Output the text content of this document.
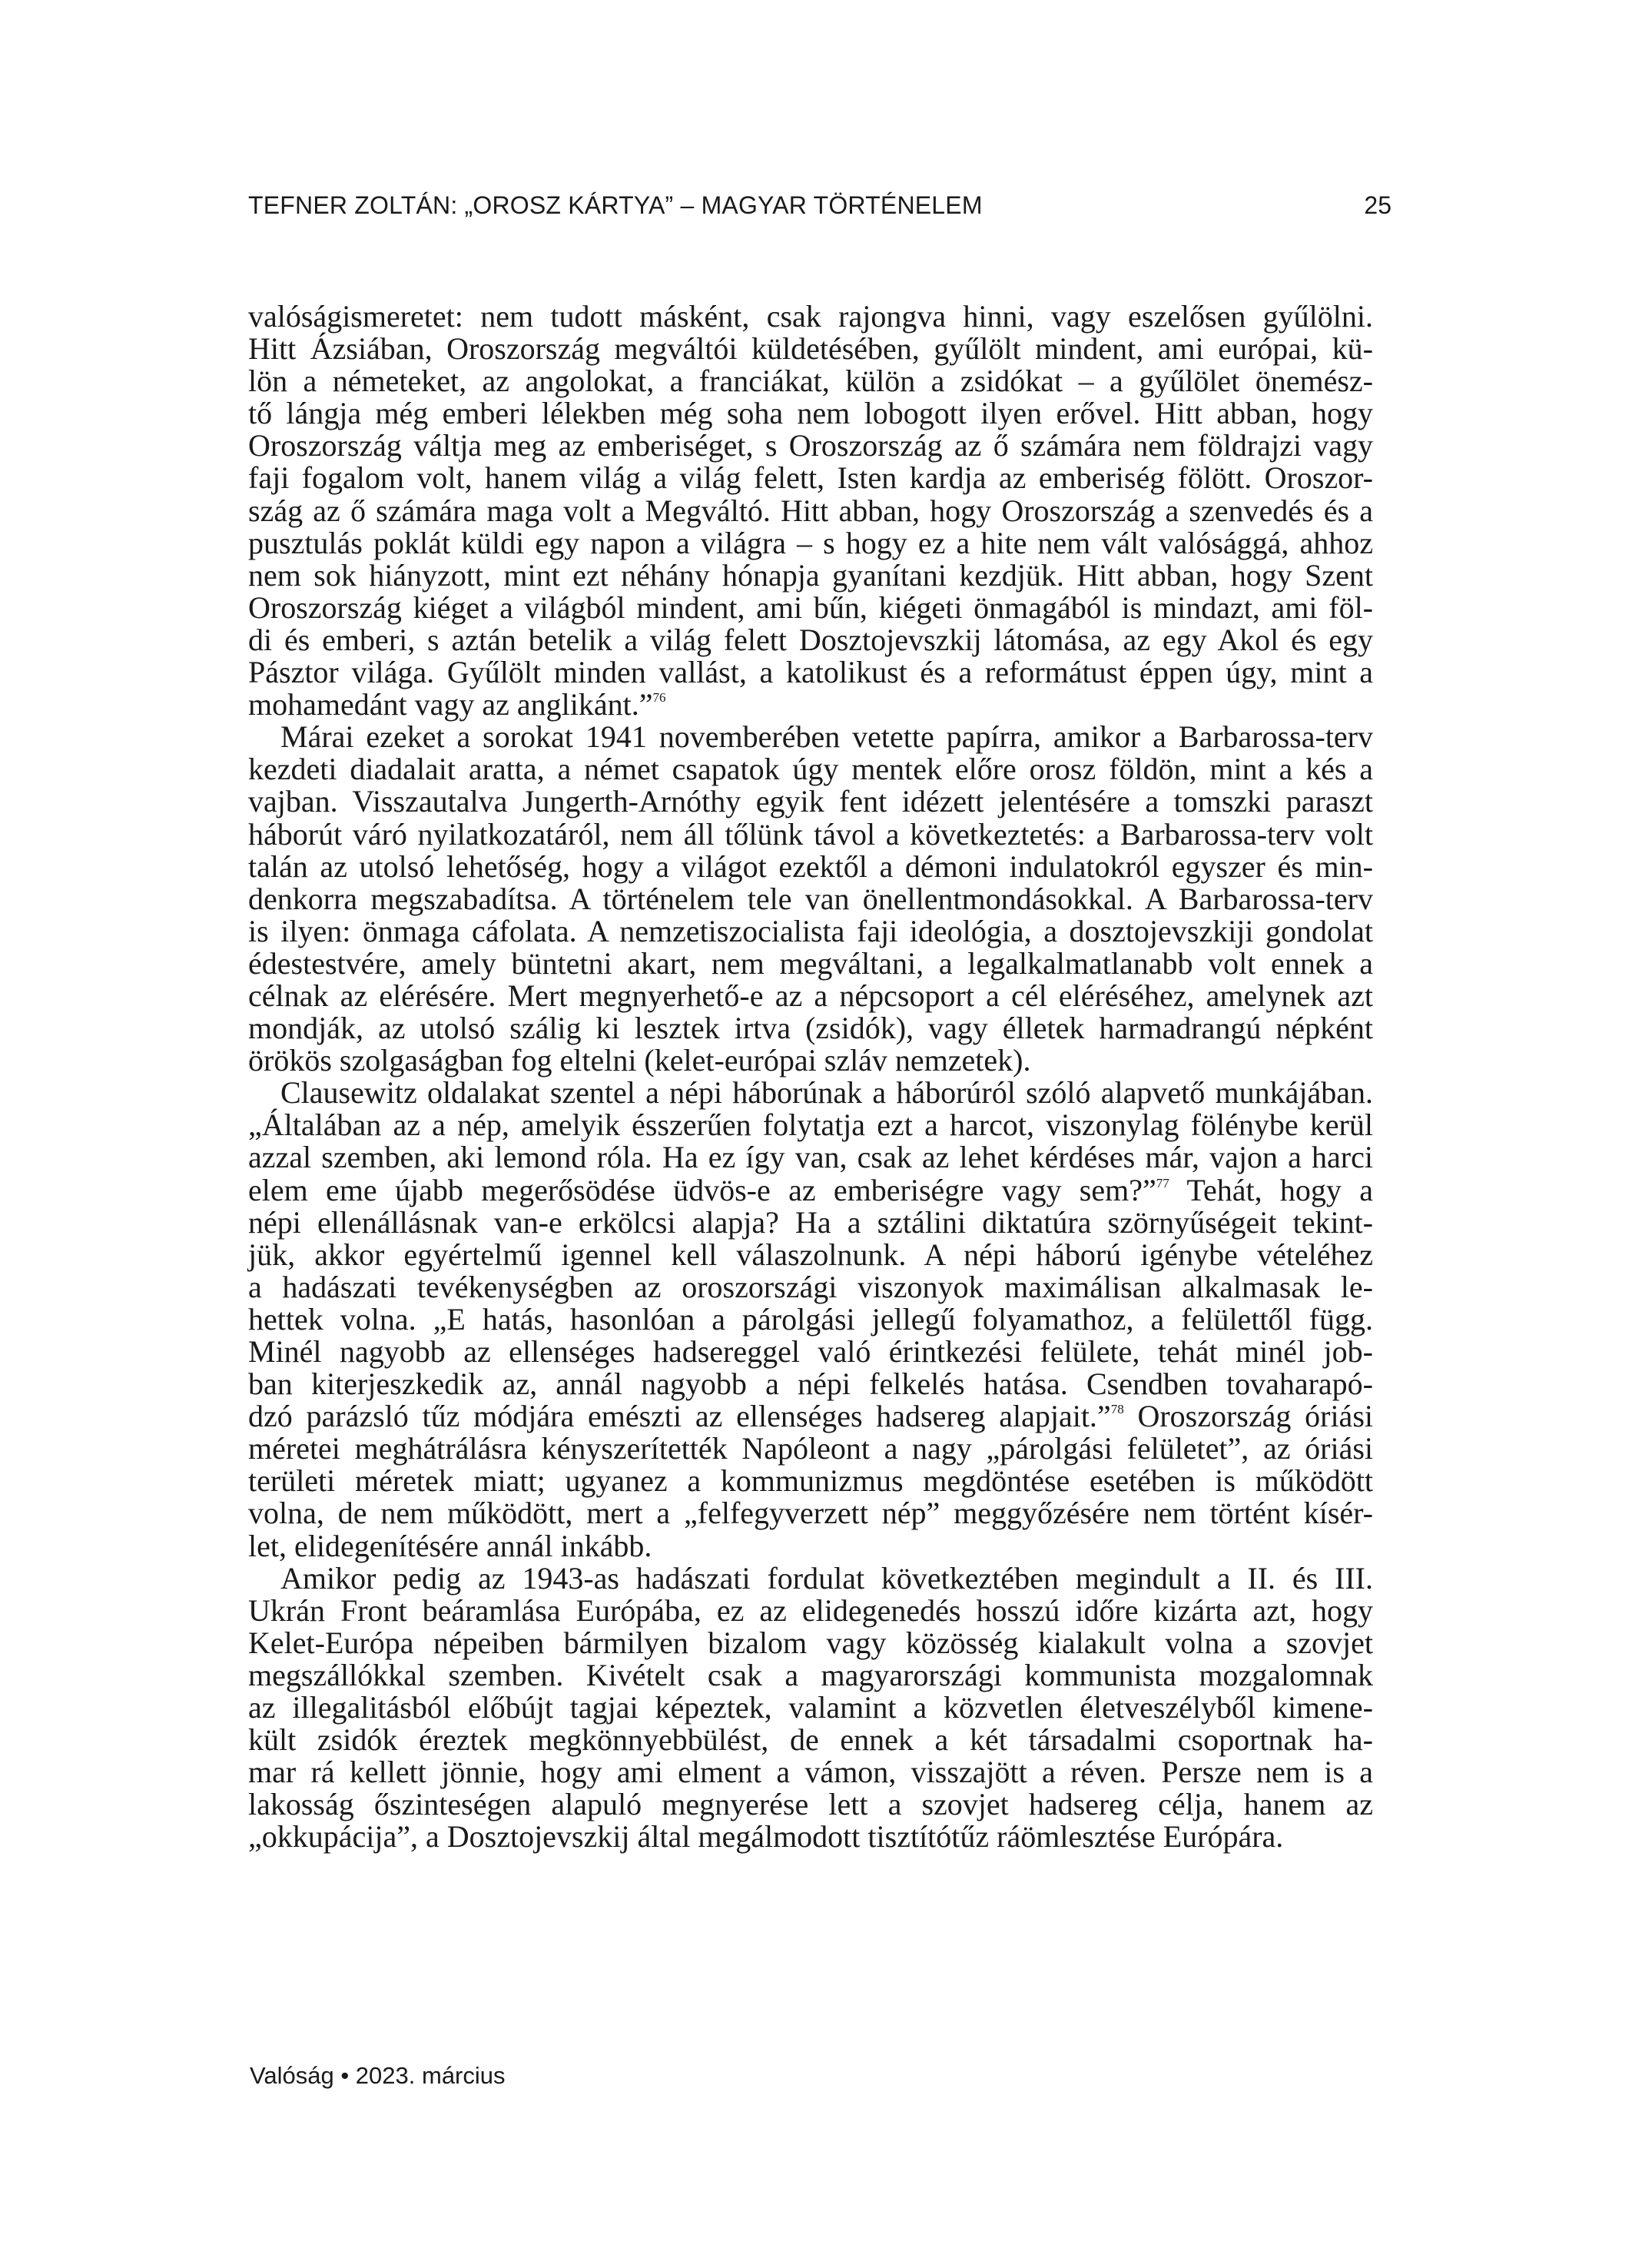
TEFNER ZOLTÁN: „OROSZ KÁRTYA” – MAGYAR TÖRTÉNELEM	25
valóságismeretet: nem tudott másként, csak rajongva hinni, vagy eszelősen gyűlölni.
Hitt Ázsiában, Oroszország megváltói küldetésében, gyűlölt mindent, ami európai, kü-
lön a németeket, az angolokat, a franciákat, külön a zsidókat – a gyűlölet önemész-
tő lángja még emberi lélekben még soha nem lobogott ilyen erővel. Hitt abban, hogy
Oroszország váltja meg az emberiséget, s Oroszország az ő számára nem földrajzi vagy
faji fogalom volt, hanem világ a világ felett, Isten kardja az emberiség fölött. Oroszor-
szág az ő számára maga volt a Megváltó. Hitt abban, hogy Oroszország a szenvedés és a
pusztulás poklát küldi egy napon a világra – s hogy ez a hite nem vált valósággá, ahhoz
nem sok hiányzott, mint ezt néhány hónapja gyanítani kezdjük. Hitt abban, hogy Szent
Oroszország kiéget a világból mindent, ami bűn, kiégeti önmagából is mindazt, ami föl-
di és emberi, s aztán betelik a világ felett Dosztojevszkij látomása, az egy Akol és egy
Pásztor világa. Gyűlölt minden vallást, a katolikust és a reformátust éppen úgy, mint a
mohamedánt vagy az anglikánt.”$^{76}$
Márai ezeket a sorokat 1941 novemberében vetette papírra, amikor a Barbarossa-terv
kezdeti diadalait aratta, a német csapatok úgy mentek előre orosz földön, mint a kés a
vajban. Visszautalva Jungerth-Arnóthy egyik fent idézett jelentésére a tomszki paraszt
háborút váró nyilatkozatáról, nem áll tőlünk távol a következtetés: a Barbarossa-terv volt
talán az utolsó lehetőség, hogy a világot ezektől a démoni indulatokról egyszer és min-
denkorra megszabadítsa. A történelem tele van önellentmondásokkal. A Barbarossa-terv
is ilyen: önmaga cáfolata. A nemzetiszocialista faji ideológia, a dosztojevszkiji gondolat
édestestvére, amely büntetni akart, nem megváltani, a legalkalmatlanabb volt ennek a
célnak az elérésére. Mert megnyerhető-e az a népcsoport a cél eléréséhez, amelynek azt
mondják, az utolsó szálig ki lesztek irtva (zsidók), vagy élletek harmadrangú népként
örökös szolgaságban fog eltelni (kelet-európai szláv nemzetek).
Clausewitz oldalakat szentel a népi háborúnak a háborúról szóló alapvető munkájában.
„Általában az a nép, amelyik ésszerűen folytatja ezt a harcot, viszonylag fölénybe kerül
azzal szemben, aki lemond róla. Ha ez így van, csak az lehet kérdéses már, vajon a harci
elem eme újabb megerősödése üdvös-e az emberiségre vagy sem?”$^{77}$ Tehát, hogy a
népi ellenállásnak van-e erkölcsi alapja? Ha a sztálini diktatúra szörnyűségeit tekint-
jük, akkor egyértelmű igennel kell válaszolnunk. A népi háború igénybe vételéhez
a hadászati tevékenységben az oroszországi viszonyok maximálisan alkalmasak le-
hettek volna. „E hatás, hasonlóan a párolgási jellegű folyamathoz, a felülettől függ.
Minél nagyobb az ellenséges hadsereggel való érintkezési felülete, tehát minél job-
ban kiterjeszkedik az, annál nagyobb a népi felkelés hatása. Csendben tovaharapó-
dzó parázsló tűz módjára emészti az ellenséges hadsereg alapjait.”$^{78}$ Oroszország óriási
méretei meghátrálásra kényszerítették Napóleont a nagy „párolgási felületet”, az óriási
területi méretek miatt; ugyanez a kommunizmus megdöntése esetében is működött
volna, de nem működött, mert a „felfegyverzett nép” meggyőzésére nem történt kísér-
let, elidegenítésére annál inkább.
Amikor pedig az 1943-as hadászati fordulat következtében megindult a II. és III.
Ukrán Front beáramlása Európába, ez az elidegenedés hosszú időre kizárta azt, hogy
Kelet-Európa népeiben bármilyen bizalom vagy közösség kialakult volna a szovjet
megszállókkal szemben. Kivételt csak a magyarországi kommunista mozgalomnak
az illegalitásból előbújt tagjai képeztek, valamint a közvetlen életveszélyből kimene-
kült zsidók éreztek megkönnyebbülést, de ennek a két társadalmi csoportnak ha-
mar rá kellett jönnie, hogy ami elment a vámon, visszajött a réven. Persze nem is a
lakosság őszinteségen alapuló megnyerése lett a szovjet hadsereg célja, hanem az
„okkupácija”, a Dosztojevszkij által megálmodott tisztítótűz ráömlesztése Európára.
Valóság • 2023. március
